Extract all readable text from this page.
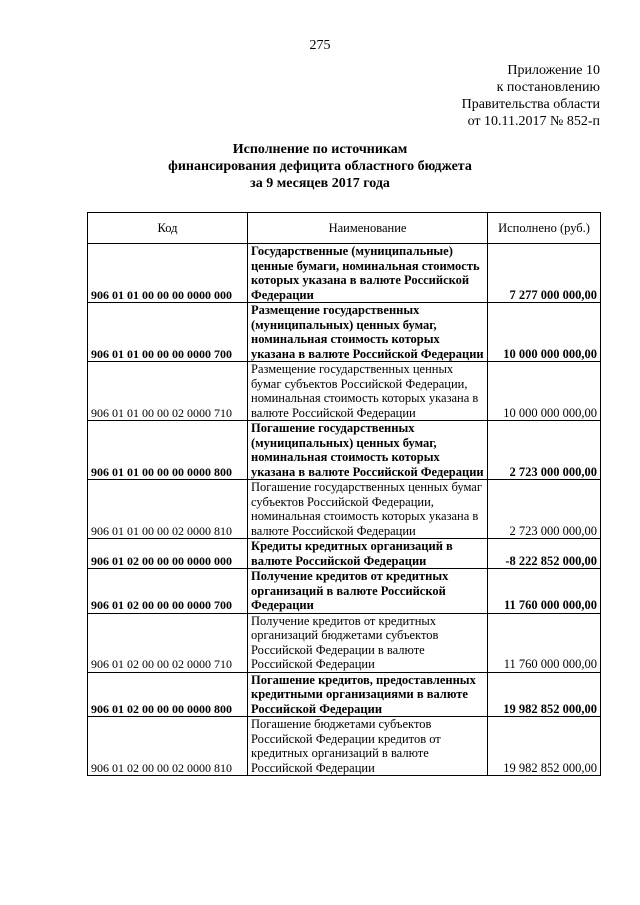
275
Приложение 10
к постановлению
Правительства области
от 10.11.2017 № 852-п
Исполнение по источникам
финансирования дефицита областного бюджета
за 9 месяцев 2017 года
Код	Наименование	Исполнено (руб.)
906 01 01 00 00 00 0000 000	Государственные (муниципальные) ценные бумаги, номинальная стоимость которых указана в валюте Российской Федерации	7 277 000 000,00
906 01 01 00 00 00 0000 700	Размещение государственных (муниципальных) ценных бумаг, номинальная стоимость которых указана в валюте Российской Федерации	10 000 000 000,00
906 01 01 00 00 02 0000 710	Размещение государственных ценных бумаг субъектов Российской Федерации, номинальная стоимость которых указана в валюте Российской Федерации	10 000 000 000,00
906 01 01 00 00 00 0000 800	Погашение государственных (муниципальных) ценных бумаг, номинальная стоимость которых указана в валюте Российской Федерации	2 723 000 000,00
906 01 01 00 00 02 0000 810	Погашение государственных ценных бумаг субъектов Российской Федерации, номинальная стоимость которых указана в валюте Российской Федерации	2 723 000 000,00
906 01 02 00 00 00 0000 000	Кредиты кредитных организаций в валюте Российской Федерации	-8 222 852 000,00
906 01 02 00 00 00 0000 700	Получение кредитов от кредитных организаций в валюте Российской Федерации	11 760 000 000,00
906 01 02 00 00 02 0000 710	Получение кредитов от кредитных организаций бюджетами субъектов Российской Федерации в валюте Российской Федерации	11 760 000 000,00
906 01 02 00 00 00 0000 800	Погашение кредитов, предоставленных кредитными организациями в валюте Российской Федерации	19 982 852 000,00
906 01 02 00 00 02 0000 810	Погашение бюджетами субъектов Российской Федерации кредитов от кредитных организаций в валюте Российской Федерации	19 982 852 000,00
